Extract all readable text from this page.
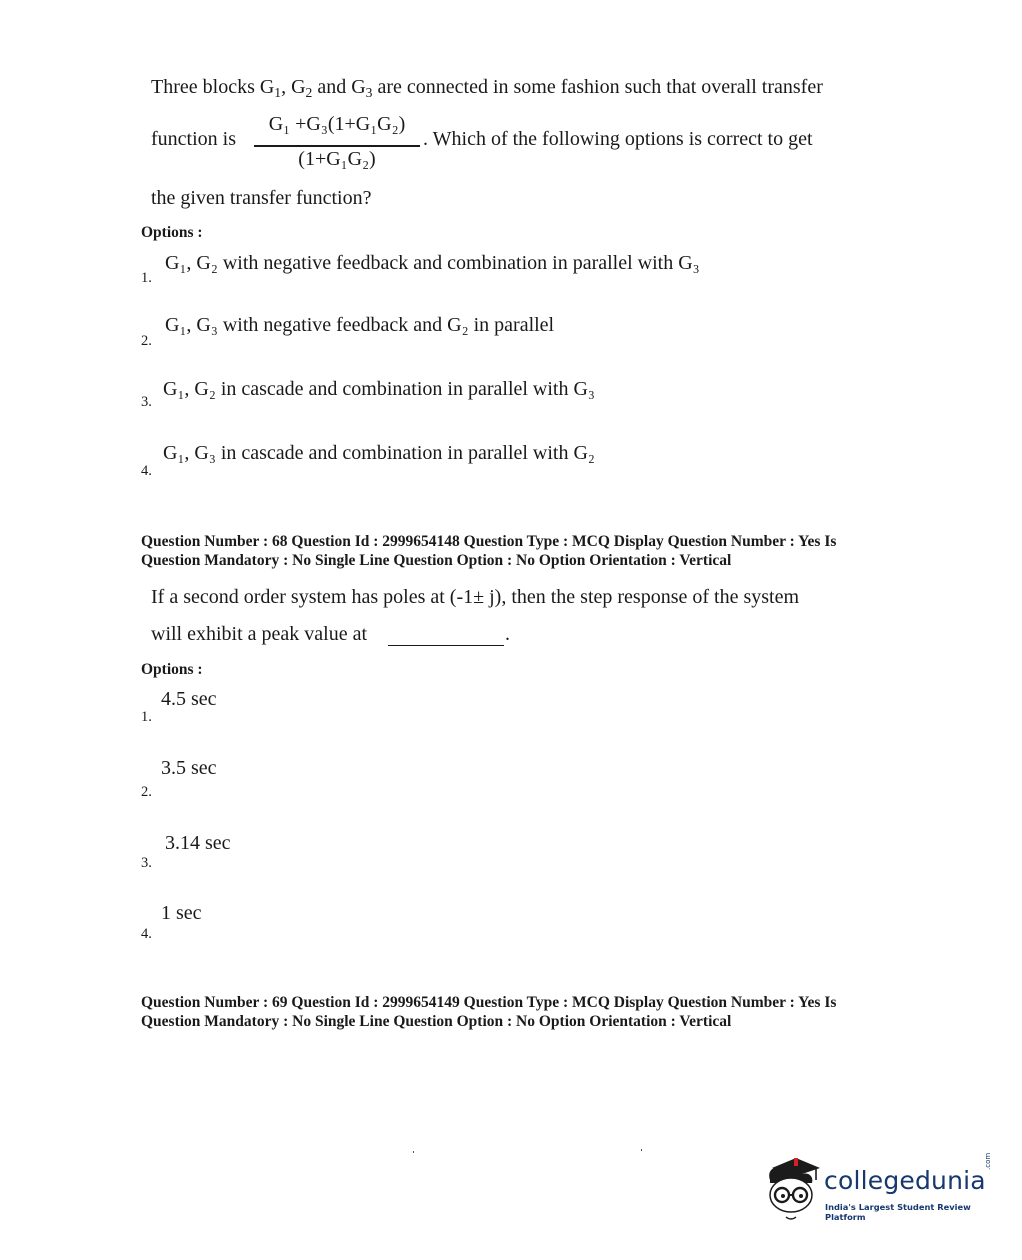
Three blocks $G_1$, $G_2$ and $G_3$ are connected in some fashion such that overall transfer
function is
G₁ +G₃(1+G₁G₂)
(1+G₁G₂)
. Which of the following options is correct to get
the given transfer function?
Options :
1.
G₁, G₂ with negative feedback and combination in parallel with G₃
2.
G₁, G₃ with negative feedback and G₂ in parallel
3.
G₁, G₂ in cascade and combination in parallel with G₃
4.
G₁, G₃ in cascade and combination in parallel with G₂
Question Number : 68 Question Id : 2999654148 Question Type : MCQ Display Question Number : Yes Is
Question Mandatory : No Single Line Question Option : No Option Orientation : Vertical
If a second order system has poles at (-1± j), then the step response of the system
will exhibit a peak value at	.
Options :
1.
4.5 sec
2.
3.5 sec
3.
3.14 sec
4.
1 sec
Question Number : 69 Question Id : 2999654149 Question Type : MCQ Display Question Number : Yes Is
Question Mandatory : No Single Line Question Option : No Option Orientation : Vertical
collegedunia
.com
India's Largest Student Review Platform
